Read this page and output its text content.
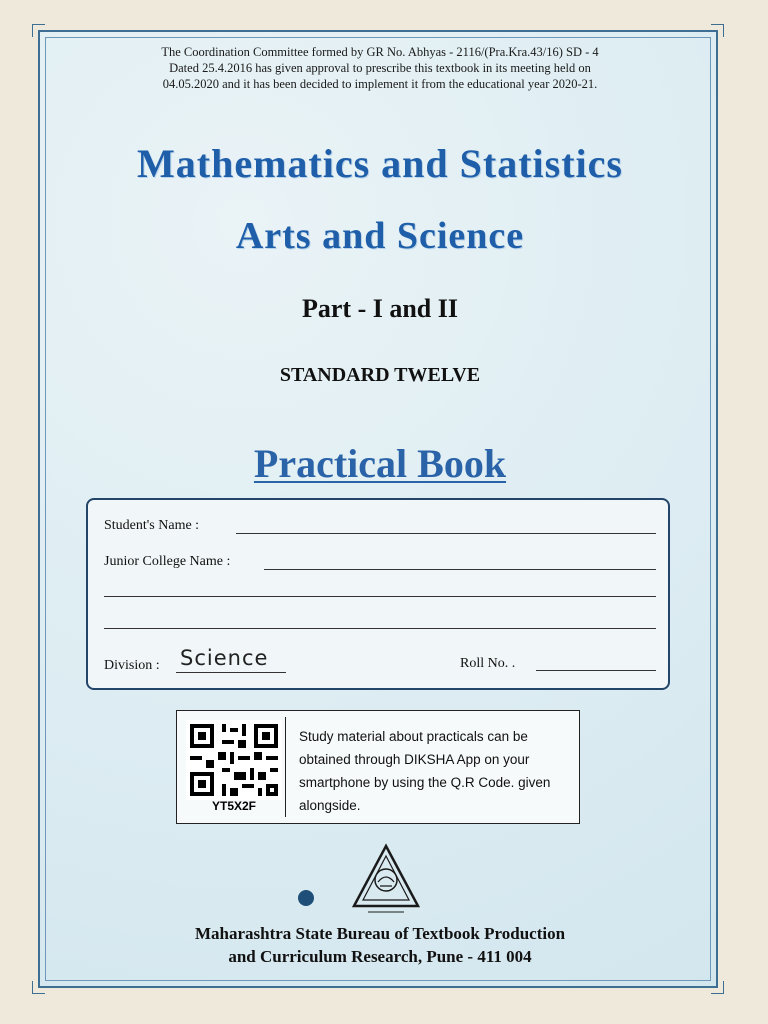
The Coordination Committee formed by GR No. Abhyas - 2116/(Pra.Kra.43/16) SD - 4
Dated 25.4.2016 has given approval to prescribe this textbook in its meeting held on
04.05.2020 and it has been decided to implement it from the educational year 2020-21.
Mathematics and Statistics
Arts and Science
Part - I and II
STANDARD TWELVE
Practical Book
Student's Name :
Junior College Name :
Division : Science	Roll No. .
YT5X2F
Study material about practicals can be obtained through DIKSHA App on your smartphone by using the Q.R Code. given alongside.
Maharashtra State Bureau of Textbook Production
and Curriculum Research, Pune - 411 004
